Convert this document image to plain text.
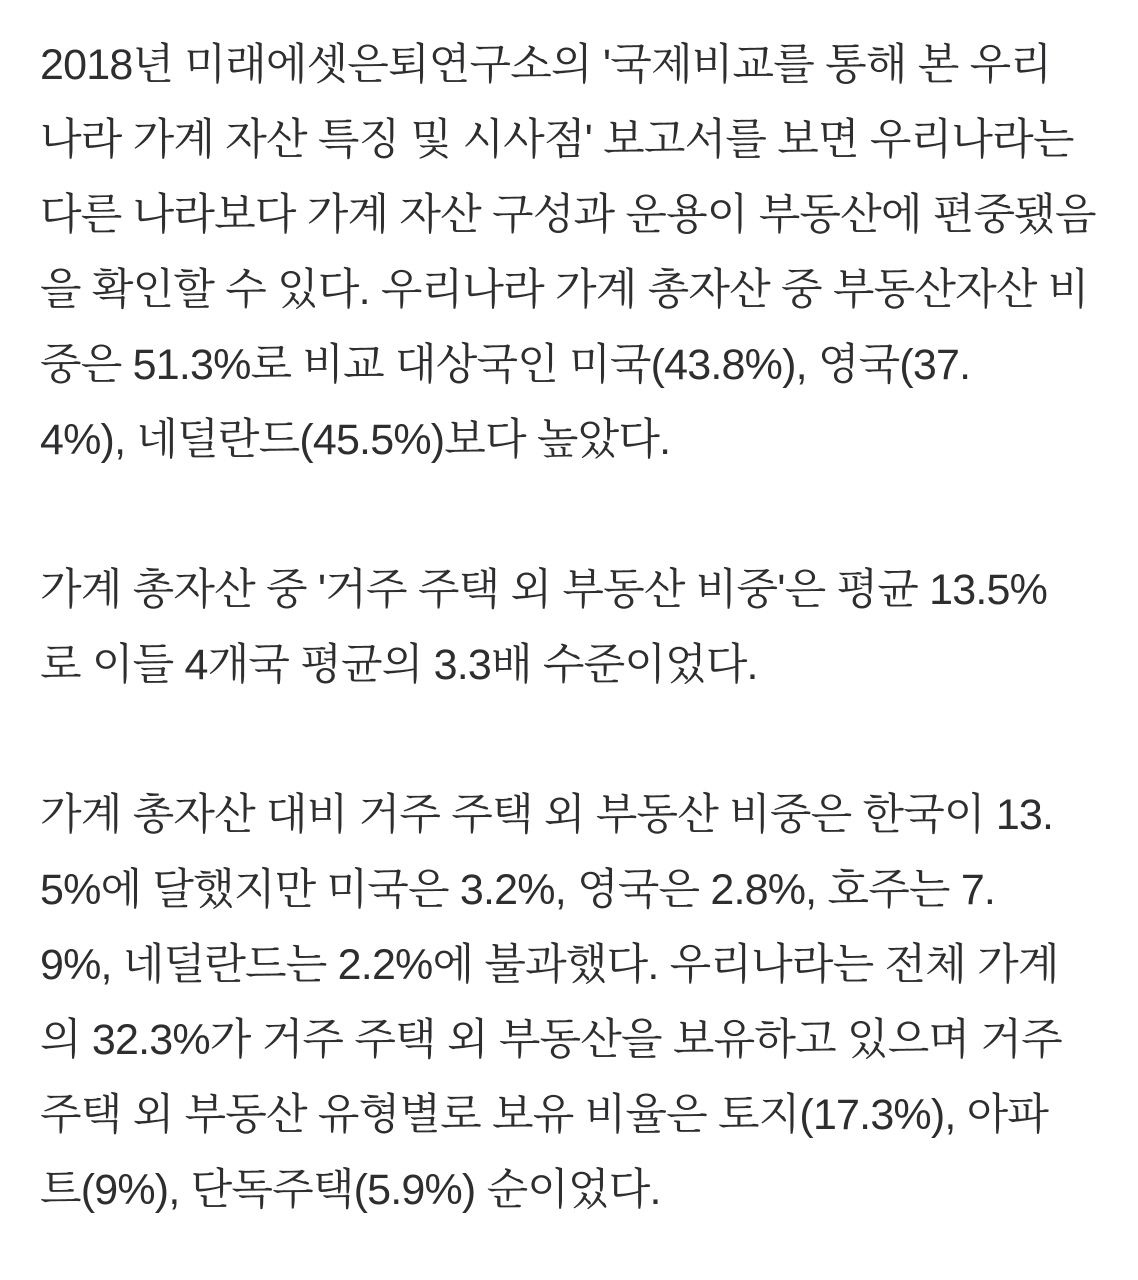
2018년 미래에셋은퇴연구소의 '국제비교를 통해 본 우리
나라 가계 자산 특징 및 시사점' 보고서를 보면 우리나라는
다른 나라보다 가계 자산 구성과 운용이 부동산에 편중됐음
을 확인할 수 있다. 우리나라 가계 총자산 중 부동산자산 비
중은 51.3%로 비교 대상국인 미국(43.8%), 영국(37.
4%), 네덜란드(45.5%)보다 높았다.

가계 총자산 중 '거주 주택 외 부동산 비중'은 평균 13.5%
로 이들 4개국 평균의 3.3배 수준이었다.

가계 총자산 대비 거주 주택 외 부동산 비중은 한국이 13.
5%에 달했지만 미국은 3.2%, 영국은 2.8%, 호주는 7.
9%, 네덜란드는 2.2%에 불과했다. 우리나라는 전체 가계
의 32.3%가 거주 주택 외 부동산을 보유하고 있으며 거주
주택 외 부동산 유형별로 보유 비율은 토지(17.3%), 아파
트(9%), 단독주택(5.9%) 순이었다.
